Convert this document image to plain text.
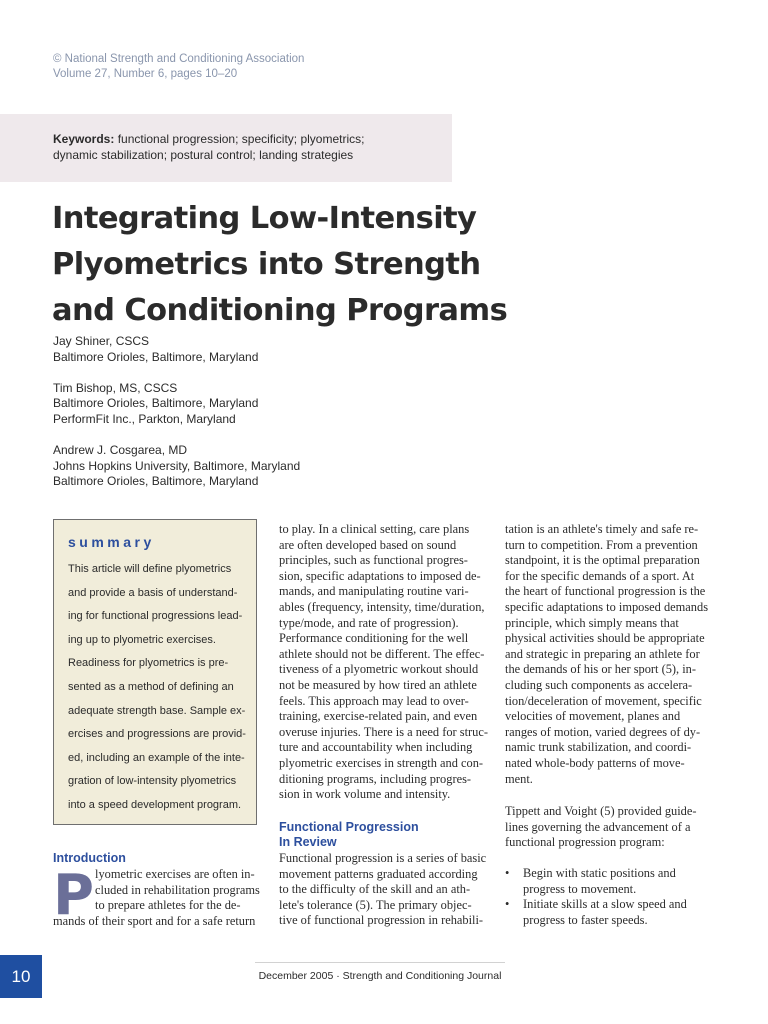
© National Strength and Conditioning Association
Volume 27, Number 6, pages 10–20
Keywords: functional progression; specificity; plyometrics;
dynamic stabilization; postural control; landing strategies
Integrating Low-Intensity
Plyometrics into Strength
and Conditioning Programs
Jay Shiner, CSCS
Baltimore Orioles, Baltimore, Maryland
Tim Bishop, MS, CSCS
Baltimore Orioles, Baltimore, Maryland
PerformFit Inc., Parkton, Maryland
Andrew J. Cosgarea, MD
Johns Hopkins University, Baltimore, Maryland
Baltimore Orioles, Baltimore, Maryland
summary
This article will define plyometrics
and provide a basis of understand-
ing for functional progressions lead-
ing up to plyometric exercises.
Readiness for plyometrics is pre-
sented as a method of defining an
adequate strength base. Sample ex-
ercises and progressions are provid-
ed, including an example of the inte-
gration of low-intensity plyometrics
into a speed development program.
Introduction
P lyometric exercises are often in-
cluded in rehabilitation programs
to prepare athletes for the de-
mands of their sport and for a safe return
to play. In a clinical setting, care plans
are often developed based on sound
principles, such as functional progres-
sion, specific adaptations to imposed de-
mands, and manipulating routine vari-
ables (frequency, intensity, time/duration,
type/mode, and rate of progression).
Performance conditioning for the well
athlete should not be different. The effec-
tiveness of a plyometric workout should
not be measured by how tired an athlete
feels. This approach may lead to over-
training, exercise-related pain, and even
overuse injuries. There is a need for struc-
ture and accountability when including
plyometric exercises in strength and con-
ditioning programs, including progres-
sion in work volume and intensity.
Functional Progression
In Review
Functional progression is a series of basic
movement patterns graduated according
to the difficulty of the skill and an ath-
lete's tolerance (5). The primary objec-
tive of functional progression in rehabili-
tation is an athlete's timely and safe re-
turn to competition. From a prevention
standpoint, it is the optimal preparation
for the specific demands of a sport. At
the heart of functional progression is the
specific adaptations to imposed demands
principle, which simply means that
physical activities should be appropriate
and strategic in preparing an athlete for
the demands of his or her sport (5), in-
cluding such components as accelera-
tion/deceleration of movement, specific
velocities of movement, planes and
ranges of motion, varied degrees of dy-
namic trunk stabilization, and coordi-
nated whole-body patterns of move-
ment.
Tippett and Voight (5) provided guide-
lines governing the advancement of a
functional progression program:
• Begin with static positions and
progress to movement.
• Initiate skills at a slow speed and
progress to faster speeds.
10	December 2005 · Strength and Conditioning Journal
